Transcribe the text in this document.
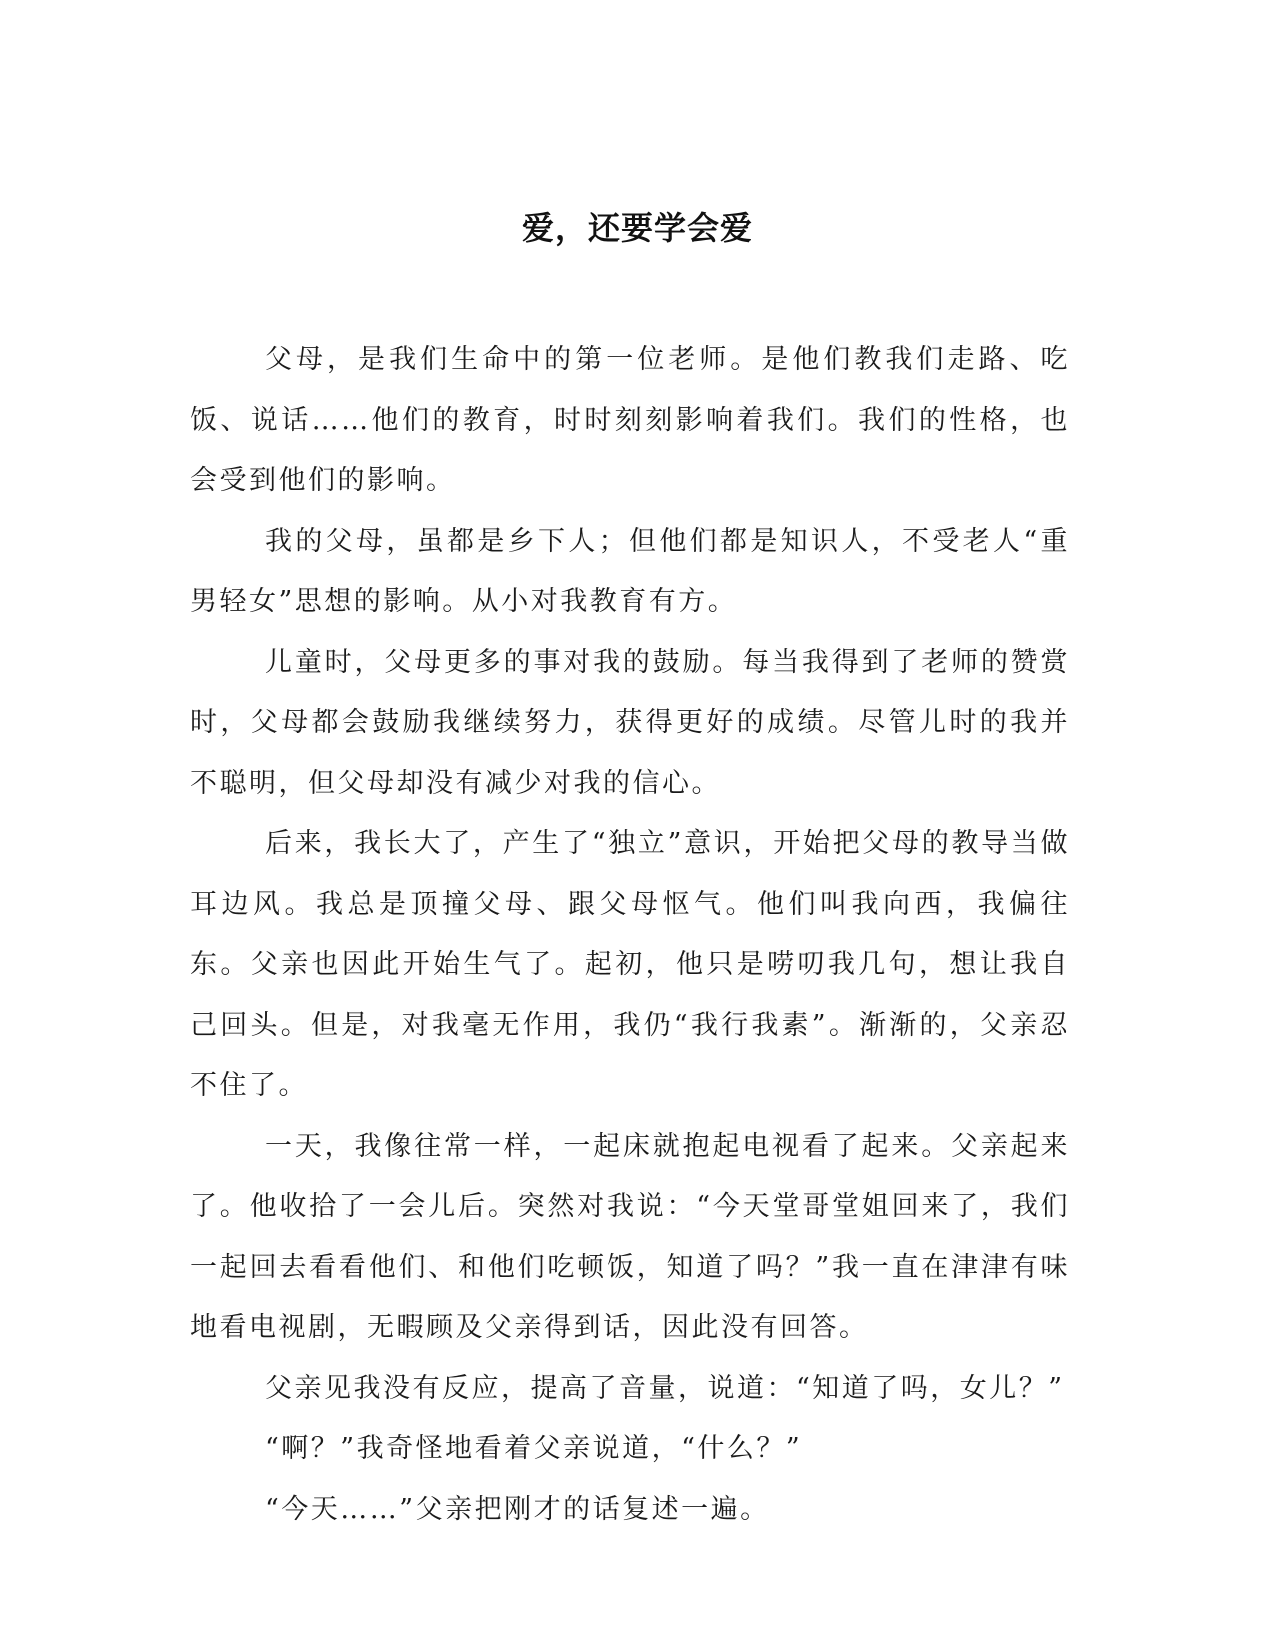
爱，还要学会爱

父母，是我们生命中的第一位老师。是他们教我们走路、吃饭、说话……他们的教育，时时刻刻影响着我们。我们的性格，也会受到他们的影响。

我的父母，虽都是乡下人；但他们都是知识人，不受老人“重男轻女”思想的影响。从小对我教育有方。

儿童时，父母更多的事对我的鼓励。每当我得到了老师的赞赏时，父母都会鼓励我继续努力，获得更好的成绩。尽管儿时的我并不聪明，但父母却没有减少对我的信心。

后来，我长大了，产生了“独立”意识，开始把父母的教导当做耳边风。我总是顶撞父母、跟父母怄气。他们叫我向西，我偏往东。父亲也因此开始生气了。起初，他只是唠叨我几句，想让我自己回头。但是，对我毫无作用，我仍“我行我素”。渐渐的，父亲忍不住了。

一天，我像往常一样，一起床就抱起电视看了起来。父亲起来了。他收拾了一会儿后。突然对我说：“今天堂哥堂姐回来了，我们一起回去看看他们、和他们吃顿饭，知道了吗？”我一直在津津有味地看电视剧，无暇顾及父亲得到话，因此没有回答。

父亲见我没有反应，提高了音量，说道：“知道了吗，女儿？”

“啊？”我奇怪地看着父亲说道，“什么？”

“今天……”父亲把刚才的话复述一遍。
